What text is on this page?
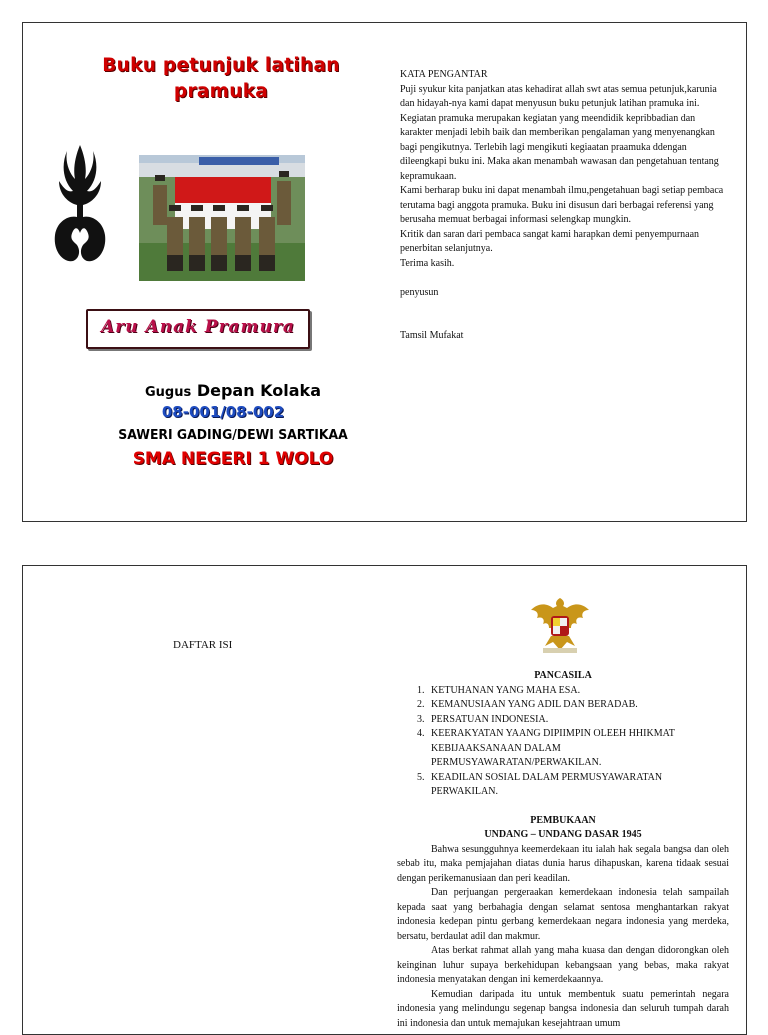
Buku petunjuk latihan
pramuka
Aru Anak Pramura
Gugus Depan Kolaka
08-001/08-002
SAWERI GADING/DEWI SARTIKAA
SMA NEGERI 1 WOLO

KATA PENGANTAR

Puji syukur kita panjatkan atas kehadirat allah swt atas semua petunjuk,karunia dan hidayah-nya kami dapat menyusun buku petunjuk latihan pramuka ini.

Kegiatan pramuka merupakan kegiatan yang meendidik kepribbadian dan karakter menjadi lebih baik dan memberikan pengalaman yang menyenangkan bagi pengikutnya. Terlebih lagi mengikuti kegiaatan praamuka ddengan dileengkapi buku ini. Maka akan menambah wawasan dan pengetahuan tentang kepramukaan.

Kami berharap buku ini dapat menambah ilmu,pengetahuan bagi setiap pembaca terutama bagi anggota pramuka. Buku ini disusun dari berbagai referensi yang berusaha memuat berbagai informasi selengkap mungkin.

Kritik dan saran dari pembaca sangat kami harapkan demi penyempurnaan penerbitan selanjutnya.

Terima kasih.

penyusun

Tamsil Mufakat

DAFTAR ISI
PANCASILA
1. KETUHANAN YANG MAHA ESA.
2. KEMANUSIAAN YANG ADIL DAN BERADAB.
3. PERSATUAN INDONESIA.
4. KEERAKYATAN YAANG DIPIIMPIN OLEEH HHIKMAT KEBIJAAKSANAAN DALAM PERMUSYAWARATAN/PERWAKILAN.
5. KEADILAN SOSIAL DALAM PERMUSYAWARATAN PERWAKILAN.
PEMBUKAAN
UNDANG – UNDANG DASAR 1945

Bahwa sesungguhnya keemerdekaan itu ialah hak segala bangsa dan oleh sebab itu, maka pemjajahan diatas dunia harus dihapuskan, karena tidaak sesuai dengan perikemanusiaan dan peri keadilan.

Dan perjuangan pergeraakan kemerdekaan indonesia telah sampailah kepada saat yang berbahagia dengan selamat sentosa menghantarkan rakyat indonesia kedepan pintu gerbang kemerdekaan negara indonesia yang merdeka, bersatu, berdaulat adil dan makmur.

Atas berkat rahmat allah yang maha kuasa dan dengan didorongkan oleh keinginan luhur supaya berkehidupan kebangsaan yang bebas, maka rakyat indonesia menyatakan dengan ini kemerdekaannya.

Kemudian daripada itu untuk membentuk suatu pemerintah negara indonesia yang melindungu segenap bangsa indonesia dan seluruh tumpah darah ini indonesia dan untuk memajukan kesejahtraan umum
